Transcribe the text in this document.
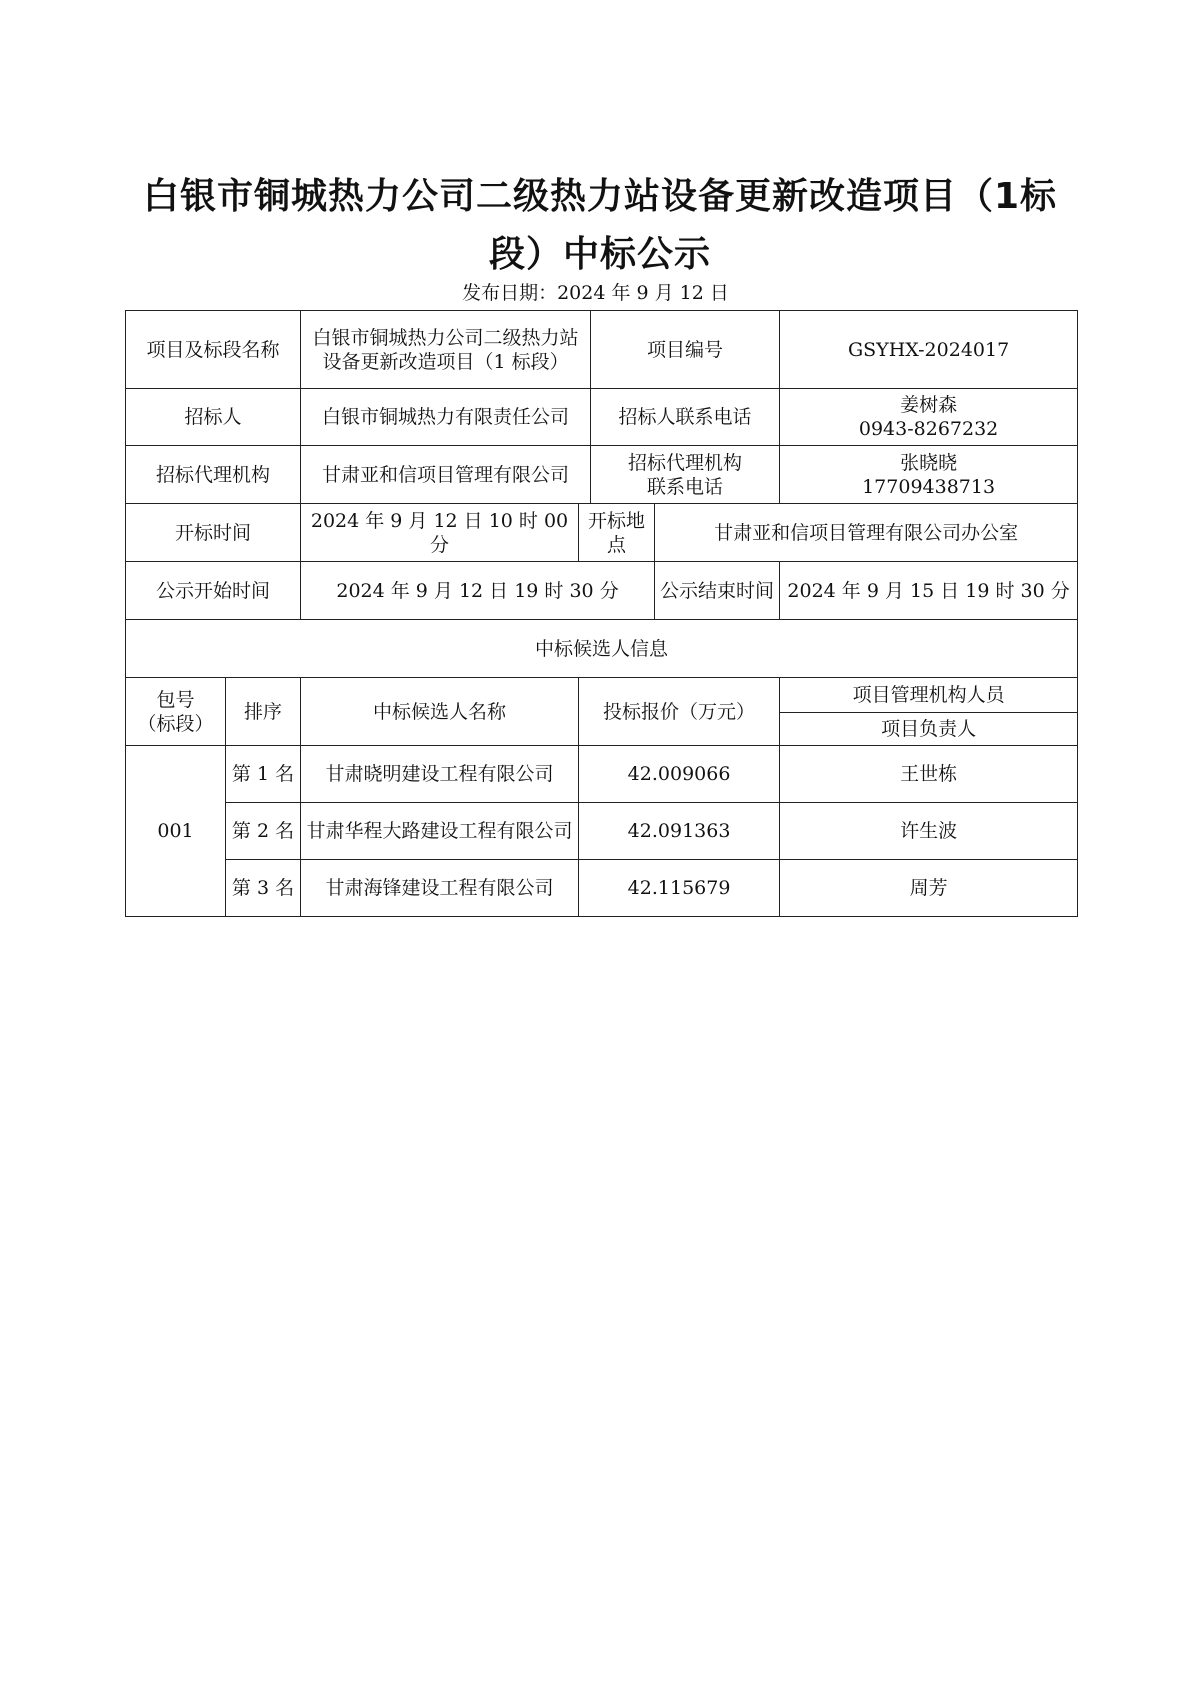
白银市铜城热力公司二级热力站设备更新改造项目（1标段）中标公示
发布日期：2024 年 9 月 12 日
项目及标段名称		白银市铜城热力公司二级热力站设备更新改造项目（1 标段）		项目编号		GSYHX-2024017
招标人		白银市铜城热力有限责任公司		招标人联系电话		姜树森
0943-8267232

招标代理机构		甘肃亚和信项目管理有限公司		招标代理机构
联系电话		张晓晓
17709438713

开标时间		2024 年 9 月 12 日 10 时 00 分	开标地点		甘肃亚和信项目管理有限公司办公室	
公示开始时间		2024 年 9 月 12 日 19 时 30 分			公示结束时间	2024 年 9 月 15 日 19 时 30 分
中标候选人信息						

包号
（标段）	排序	中标候选人名称	投标报价（万元）			项目管理机构人员
						项目负责人
001	第 1 名	甘肃晓明建设工程有限公司	42.009066			王世栋
	第 2 名	甘肃华程大路建设工程有限公司	42.091363			许生波
	第 3 名	甘肃海锋建设工程有限公司	42.115679			周芳
